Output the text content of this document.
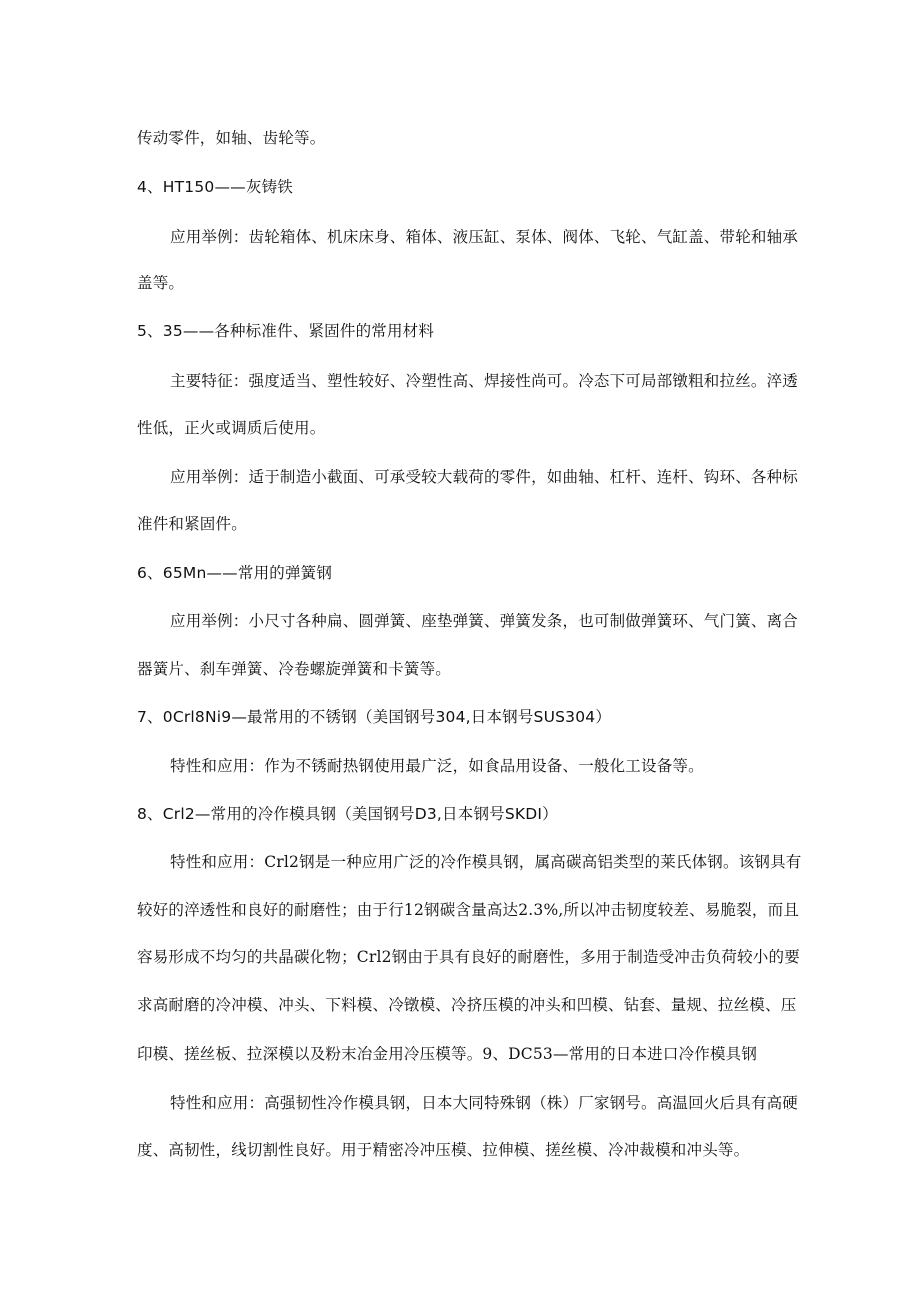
传动零件，如轴、齿轮等。
4、HT150——灰铸铁
应用举例：齿轮箱体、机床床身、箱体、液压缸、泵体、阀体、飞轮、气缸盖、带轮和轴承
盖等。
5、35——各种标准件、紧固件的常用材料
主要特征：强度适当、塑性较好、冷塑性高、焊接性尚可。冷态下可局部镦粗和拉丝。淬透
性低，正火或调质后使用。
应用举例：适于制造小截面、可承受较大载荷的零件，如曲轴、杠杆、连杆、钩环、各种标
准件和紧固件。
6、65Mn——常用的弹簧钢
应用举例：小尺寸各种扁、圆弹簧、座垫弹簧、弹簧发条，也可制做弹簧环、气门簧、离合
器簧片、刹车弹簧、冷卷螺旋弹簧和卡簧等。
7、0Crl8Ni9—最常用的不锈钢（美国钢号304,日本钢号SUS304）
特性和应用：作为不锈耐热钢使用最广泛，如食品用设备、一般化工设备等。
8、Crl2—常用的冷作模具钢（美国钢号D3,日本钢号SKDI）
特性和应用：Crl2钢是一种应用广泛的冷作模具钢，属高碳高铝类型的莱氏体钢。该钢具有
较好的淬透性和良好的耐磨性；由于行12钢碳含量高达2.3%,所以冲击韧度较差、易脆裂，而且
容易形成不均匀的共晶碳化物；Crl2钢由于具有良好的耐磨性，多用于制造受冲击负荷较小的要
求高耐磨的冷冲模、冲头、下料模、冷镦模、冷挤压模的冲头和凹模、钻套、量规、拉丝模、压
印模、搓丝板、拉深模以及粉末冶金用冷压模等。9、DC53—常用的日本进口冷作模具钢
特性和应用：高强韧性冷作模具钢，日本大同特殊钢（株）厂家钢号。高温回火后具有高硬
度、高韧性，线切割性良好。用于精密冷冲压模、拉伸模、搓丝模、冷冲裁模和冲头等。
